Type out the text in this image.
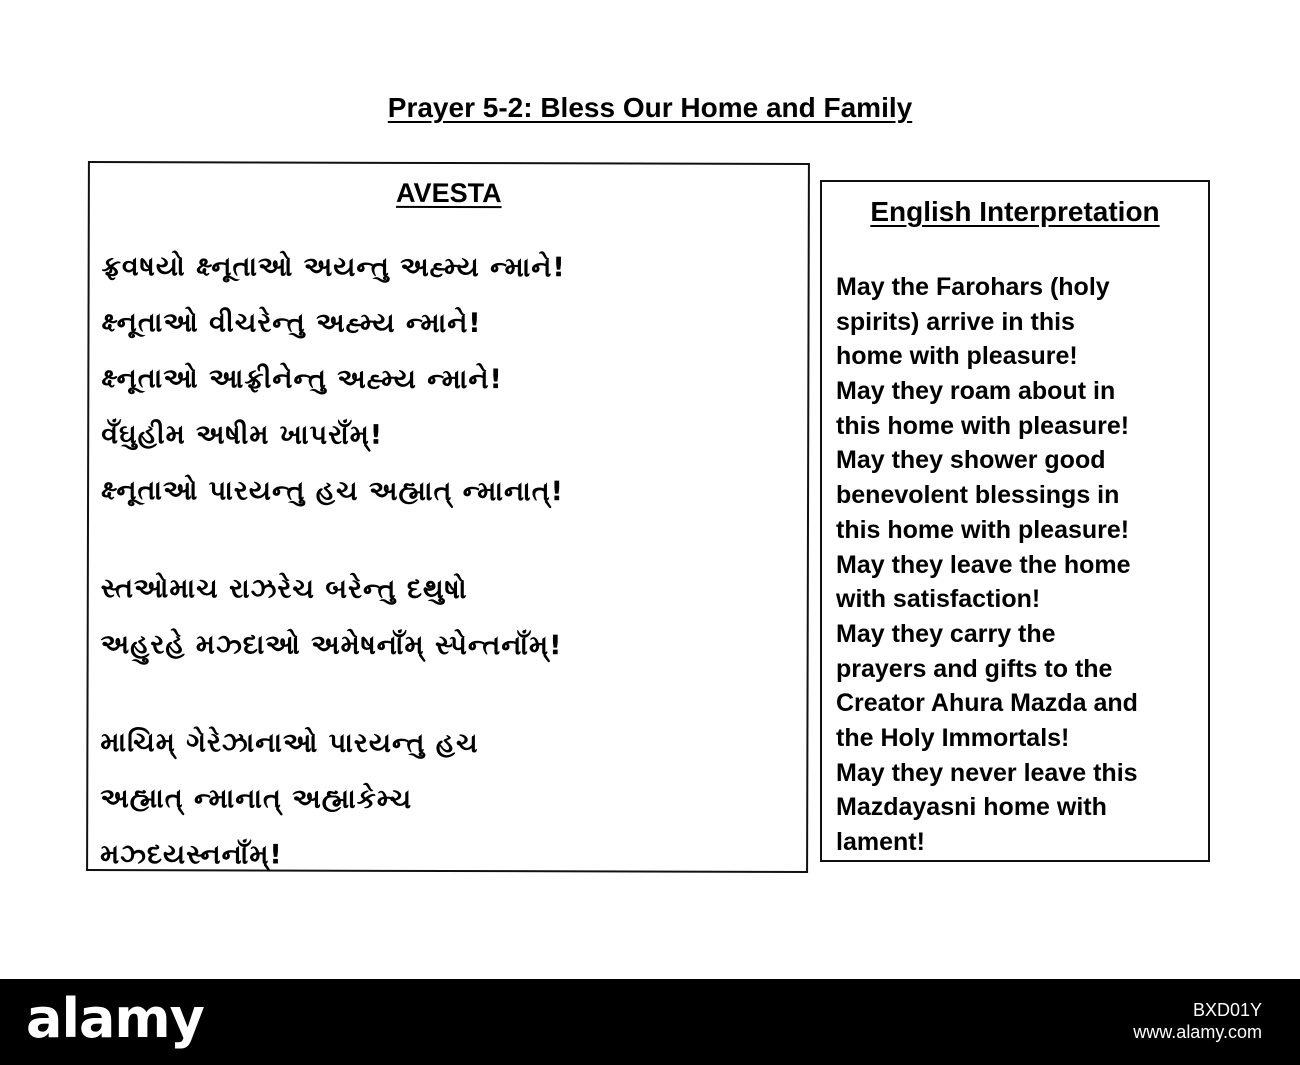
Prayer 5-2: Bless Our Home and Family
AVESTA
ફ્રવષયો ક્ષ્નૂતાઓ અયન્તુ અહ્મ્ય ન્માને!
ક્ષ્નૂતાઓ વીચરેન્તુ અહ્મ્ય ન્માને!
ક્ષ્નૂતાઓ આફ્રીનેન્તુ અહ્મ્ય ન્માને!
વઁઘુહીમ અષીમ ખાપરાઁમ્!
ક્ષ્નૂતાઓ પારયન્તુ હચ અહ્માત્ ન્માનાત્!
સ્તઓમાચ રાઝરેચ બરેન્તુ દથુષો
અહુરહે મઝ્દાઓ અમેષનાઁમ્ સ્પેન્તનાઁમ્!
માચિમ્ ગેરેઝાનાઓ પારયન્તુ હચ
અહ્માત્ ન્માનાત્ અહ્માકેમ્ચ
મઝ્દયસ્નનાઁમ્!
English Interpretation
May the Farohars (holy
spirits) arrive in this
home with pleasure!
May they roam about in
this home with pleasure!
May they shower good
benevolent blessings in
this home with pleasure!
May they leave the home
with satisfaction!
May they carry the
prayers and gifts to the
Creator Ahura Mazda and
the Holy Immortals!
May they never leave this
Mazdayasni home with
lament!
alamy	BXD01Y
www.alamy.com
